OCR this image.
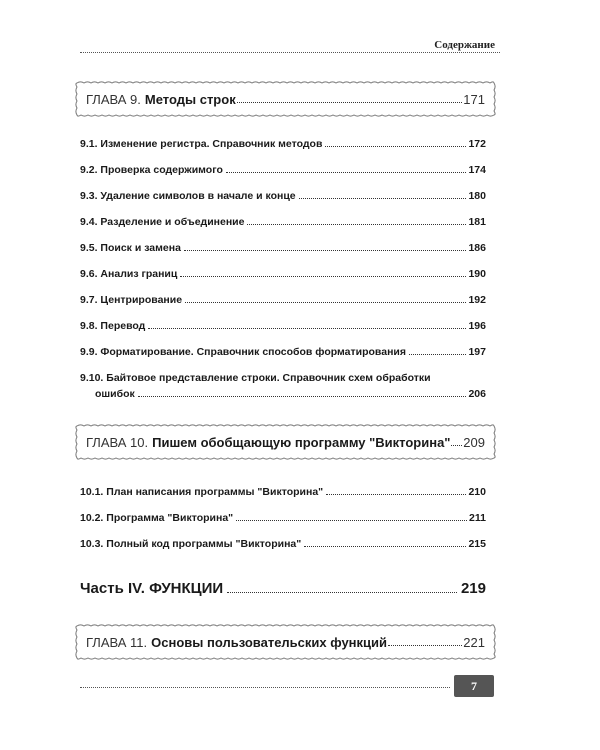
Содержание
ГЛАВА 9. Методы строк	171
9.1. Изменение регистра. Справочник методов	172
9.2. Проверка содержимого	174
9.3. Удаление символов в начале и конце	180
9.4. Разделение и объединение	181
9.5. Поиск и замена	186
9.6. Анализ границ	190
9.7. Центрирование	192
9.8. Перевод	196
9.9. Форматирование. Справочник способов форматирования	197
9.10. Байтовое представление строки. Справочник схем обработки
ошибок	206
ГЛАВА 10. Пишем обобщающую программу "Викторина" 209
10.1. План написания программы "Викторина"	210
10.2. Программа "Викторина"	211
10.3. Полный код программы "Викторина"	215
Часть IV. ФУНКЦИИ	219
ГЛАВА 11. Основы пользовательских функций	221
7
